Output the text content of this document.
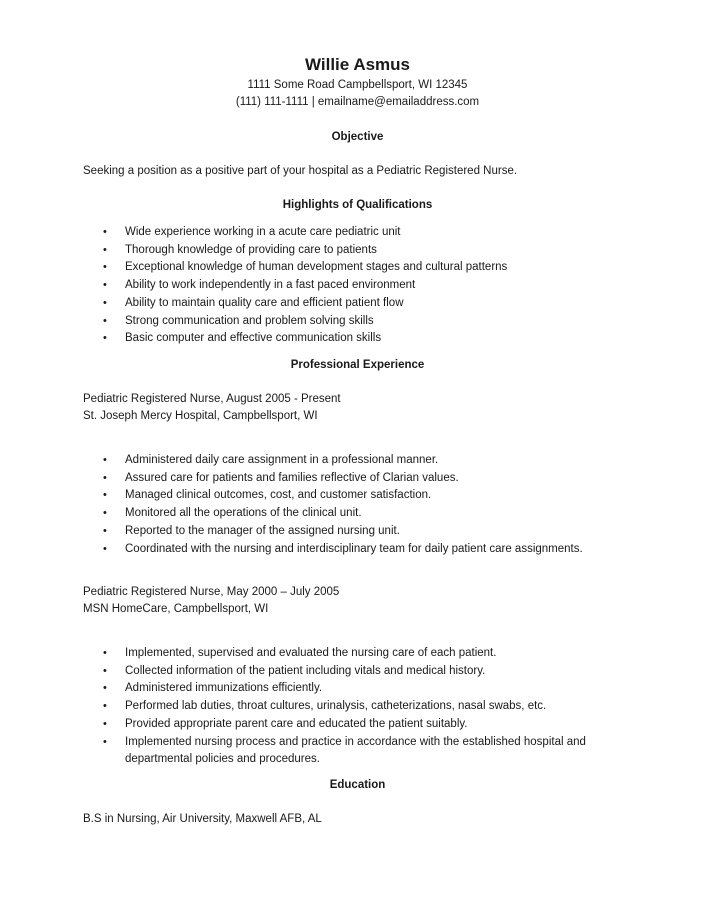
Willie Asmus
1111 Some Road Campbellsport, WI 12345
(111) 111-1111 | emailname@emailaddress.com
Objective
Seeking a position as a positive part of your hospital as a Pediatric Registered Nurse.
Highlights of Qualifications
• Wide experience working in a acute care pediatric unit
• Thorough knowledge of providing care to patients
• Exceptional knowledge of human development stages and cultural patterns
• Ability to work independently in a fast paced environment
• Ability to maintain quality care and efficient patient flow
• Strong communication and problem solving skills
• Basic computer and effective communication skills
Professional Experience
Pediatric Registered Nurse, August 2005 - Present
St. Joseph Mercy Hospital, Campbellsport, WI
• Administered daily care assignment in a professional manner.
• Assured care for patients and families reflective of Clarian values.
• Managed clinical outcomes, cost, and customer satisfaction.
• Monitored all the operations of the clinical unit.
• Reported to the manager of the assigned nursing unit.
• Coordinated with the nursing and interdisciplinary team for daily patient care assignments.
Pediatric Registered Nurse, May 2000 – July 2005
MSN HomeCare, Campbellsport, WI
• Implemented, supervised and evaluated the nursing care of each patient.
• Collected information of the patient including vitals and medical history.
• Administered immunizations efficiently.
• Performed lab duties, throat cultures, urinalysis, catheterizations, nasal swabs, etc.
• Provided appropriate parent care and educated the patient suitably.
• Implemented nursing process and practice in accordance with the established hospital and
departmental policies and procedures.
Education
B.S in Nursing, Air University, Maxwell AFB, AL
